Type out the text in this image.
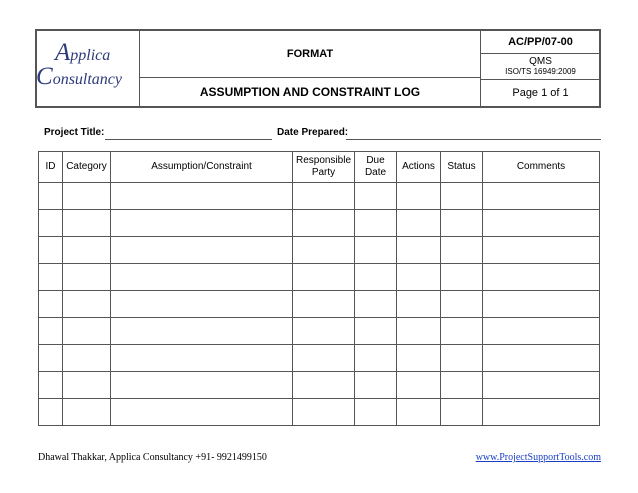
Applica
Consultancy
FORMAT
ASSUMPTION AND CONSTRAINT LOG
AC/PP/07-00
QMS
ISO/TS 16949:2009
Page 1 of 1
Project Title:	Date Prepared:
ID	Category	Assumption/Constraint	Responsible Party	Due Date	Actions	Status	Comments

Dhawal Thakkar, Applica Consultancy +91- 9921499150	www.ProjectSupportTools.com
